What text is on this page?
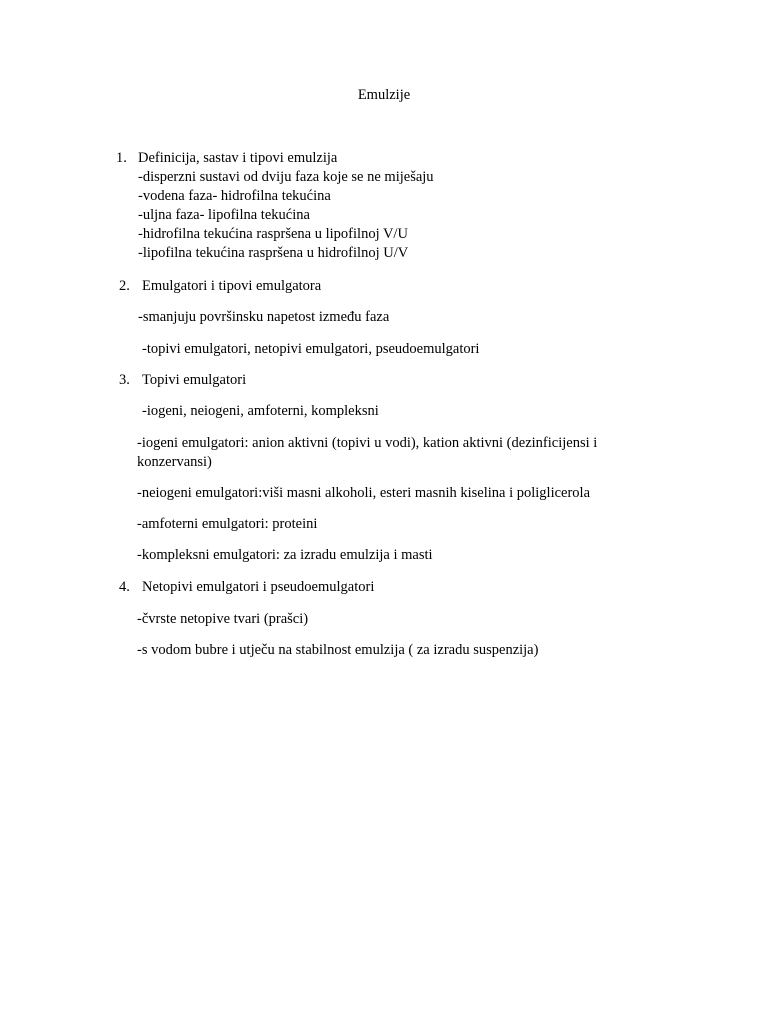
Emulzije
1. Definicija, sastav i tipovi emulzija
-disperzni sustavi od dviju faza koje se ne miješaju
-vodena faza- hidrofilna tekućina
-uljna faza- lipofilna tekućina
-hidrofilna tekućina raspršena u lipofilnoj V/U
-lipofilna tekućina raspršena u hidrofilnoj U/V
2. Emulgatori i tipovi emulgatora
-smanjuju površinsku napetost između faza
-topivi emulgatori, netopivi emulgatori, pseudoemulgatori
3. Topivi emulgatori
-iogeni, neiogeni, amfoterni, kompleksni
-iogeni emulgatori: anion aktivni (topivi u vodi), kation aktivni (dezinficijensi i
konzervansi)
-neiogeni emulgatori:viši masni alkoholi, esteri masnih kiselina i poliglicerola
-amfoterni emulgatori: proteini
-kompleksni emulgatori: za izradu emulzija i masti
4. Netopivi emulgatori i pseudoemulgatori
-čvrste netopive tvari (prašci)
-s vodom bubre i utječu na stabilnost emulzija ( za izradu suspenzija)
